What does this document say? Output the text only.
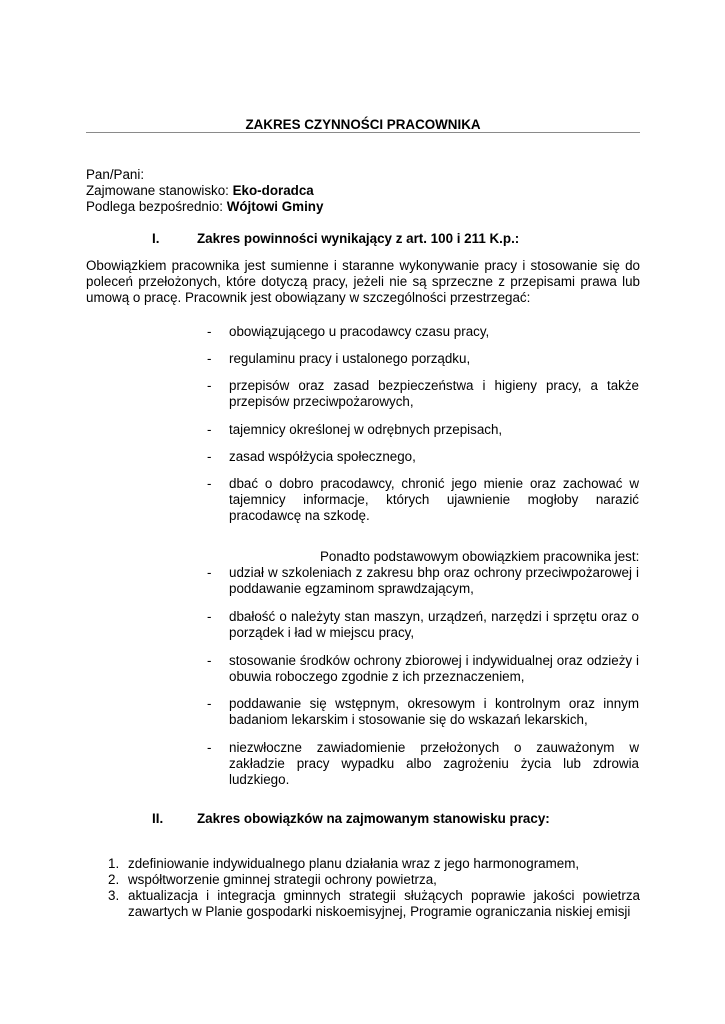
ZAKRES CZYNNOŚCI PRACOWNIKA
Pan/Pani:
Zajmowane stanowisko: Eko-doradca
Podlega bezpośrednio: Wójtowi Gminy
I.	Zakres powinności wynikający z art. 100 i 211 K.p.:
Obowiązkiem pracownika jest sumienne i staranne wykonywanie pracy i stosowanie się do poleceń przełożonych, które dotyczą pracy, jeżeli nie są sprzeczne z przepisami prawa lub umową o pracę. Pracownik jest obowiązany w szczególności przestrzegać:
- obowiązującego u pracodawcy czasu pracy,
- regulaminu pracy i ustalonego porządku,
- przepisów oraz zasad bezpieczeństwa i higieny pracy, a także przepisów przeciwpożarowych,
- tajemnicy określonej w odrębnych przepisach,
- zasad współżycia społecznego,
- dbać o dobro pracodawcy, chronić jego mienie oraz zachować w tajemnicy informacje, których ujawnienie mogłoby narazić pracodawcę na szkodę.
Ponadto podstawowym obowiązkiem pracownika jest:
- udział w szkoleniach z zakresu bhp oraz ochrony przeciwpożarowej i poddawanie egzaminom sprawdzającym,
- dbałość o należyty stan maszyn, urządzeń, narzędzi i sprzętu oraz o porządek i ład w miejscu pracy,
- stosowanie środków ochrony zbiorowej i indywidualnej oraz odzieży i obuwia roboczego zgodnie z ich przeznaczeniem,
- poddawanie się wstępnym, okresowym i kontrolnym oraz innym badaniom lekarskim i stosowanie się do wskazań lekarskich,
- niezwłoczne zawiadomienie przełożonych o zauważonym w zakładzie pracy wypadku albo zagrożeniu życia lub zdrowia ludzkiego.
II.	Zakres obowiązków na zajmowanym stanowisku pracy:
1. zdefiniowanie indywidualnego planu działania wraz z jego harmonogramem,
2. współtworzenie gminnej strategii ochrony powietrza,
3. aktualizacja i integracja gminnych strategii służących poprawie jakości powietrza zawartych w Planie gospodarki niskoemisyjnej, Programie ograniczania niskiej emisji
